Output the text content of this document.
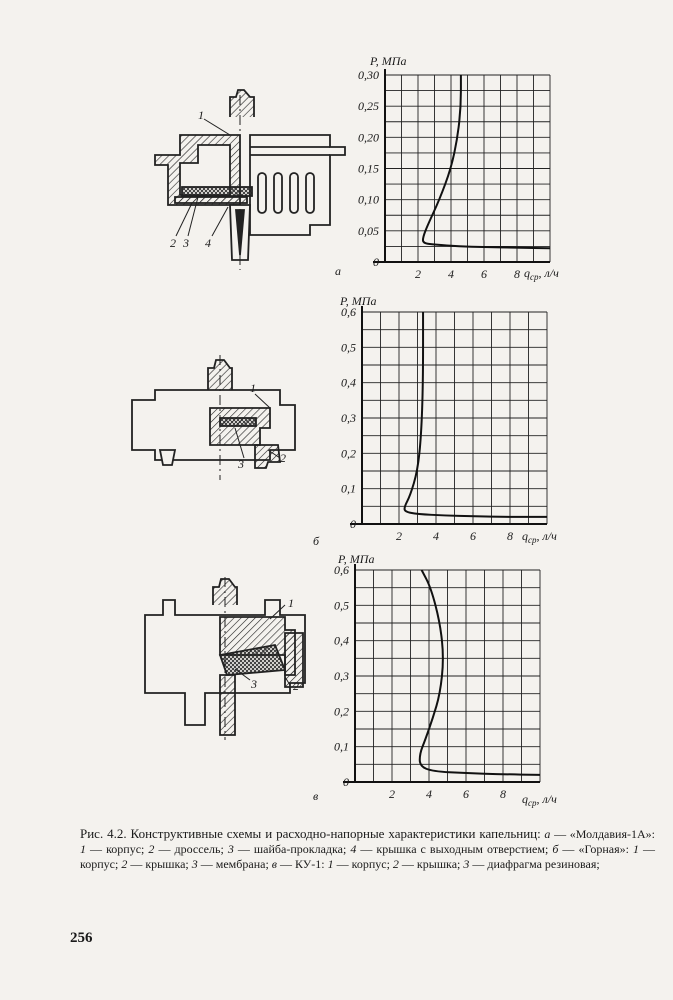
1
2 3 4
1
3	2
1
3	2
P, МПа
а
0,30
0,25
0,20
0,15
0,10
0,05
0
2 4 6 8 $q_{ср}$, л/ч
P, МПа
б
0,6
0,5
0,4
0,3
0,2
0,1
0
2	4	6	8 $q_{ср}$, л/ч
P, МПа
в
0,6
0,5
0,4
0,3
0,2
0,1
0
2	4	6	8 $q_{ср}$, л/ч
Рис. 4.2. Конструктивные схемы и расходно-напорные характеристики капельниц: а — «Молдавия-1А»: 1 — корпус; 2 — дроссель; 3 — шайба-прокладка; 4 — крышка с выходным отверстием; б — «Горная»: 1 — корпус; 2 — крышка; 3 — мембрана; в — КУ-1: 1 — корпус; 2 — крышка; 3 — диафрагма резиновая;
256
